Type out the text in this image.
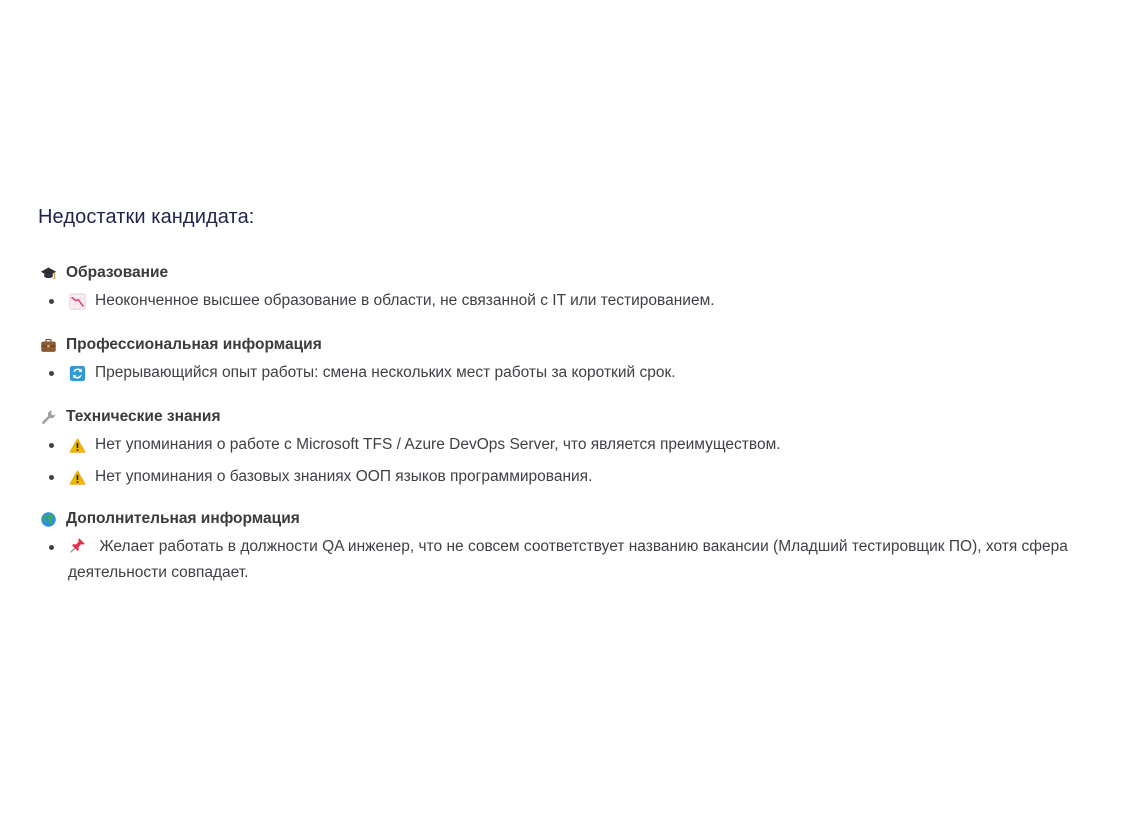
Недостатки кандидата:
Образование
Неоконченное высшее образование в области, не связанной с IT или тестированием.
Профессиональная информация
Прерывающийся опыт работы: смена нескольких мест работы за короткий срок.
Технические знания
Нет упоминания о работе с Microsoft TFS / Azure DevOps Server, что является преимуществом.
Нет упоминания о базовых знаниях ООП языков программирования.
Дополнительная информация
Желает работать в должности QA инженер, что не совсем соответствует названию вакансии (Младший тестировщик ПО), хотя сфера деятельности совпадает.
